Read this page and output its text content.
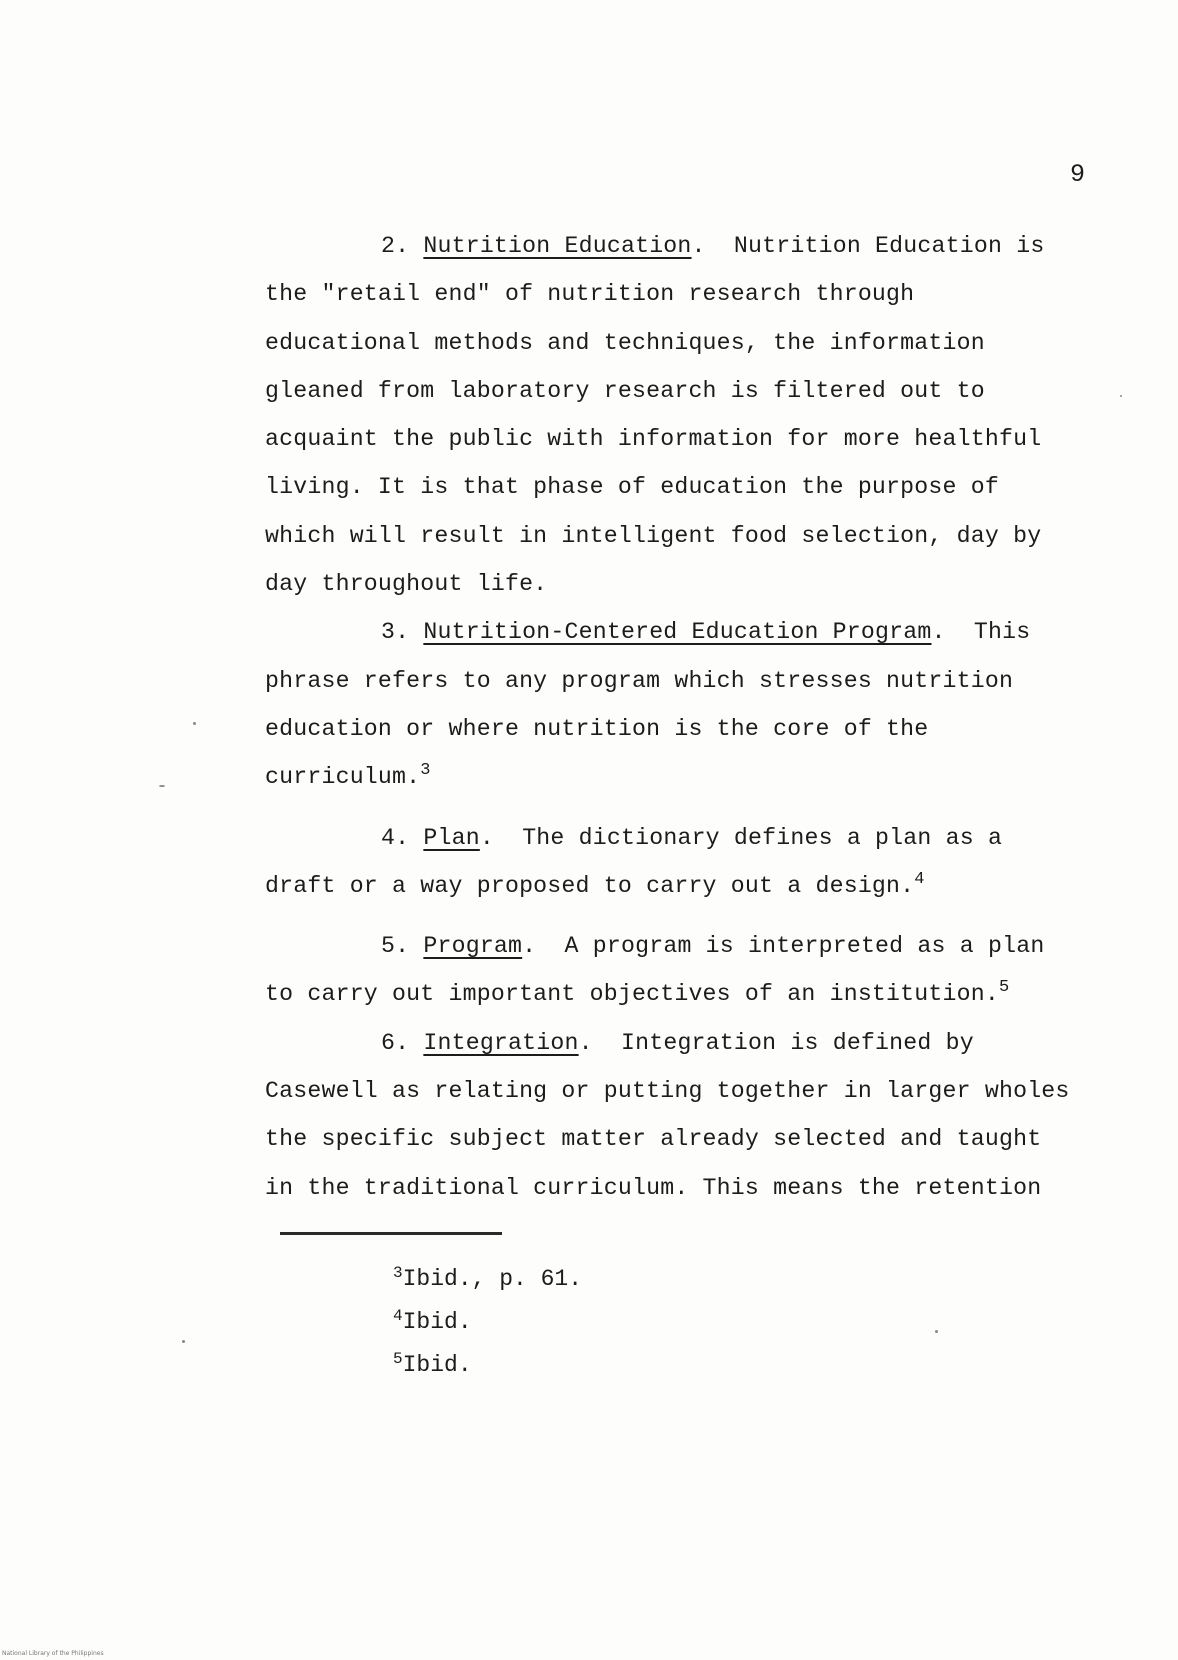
9

2. Nutrition Education. Nutrition Education is

the "retail end" of nutrition research through

educational methods and techniques, the information

gleaned from laboratory research is filtered out to

acquaint the public with information for more healthful

living. It is that phase of education the purpose of

which will result in intelligent food selection, day by

day throughout life.

3. Nutrition-Centered Education Program. This

phrase refers to any program which stresses nutrition

education or where nutrition is the core of the

curriculum.$^3$

4. Plan. The dictionary defines a plan as a

draft or a way proposed to carry out a design.$^4$

5. Program. A program is interpreted as a plan

to carry out important objectives of an institution.$^5$

6. Integration. Integration is defined by

Casewell as relating or putting together in larger wholes

the specific subject matter already selected and taught

in the traditional curriculum. This means the retention

$^3$Ibid., p. 61.
$^4$Ibid.
$^5$Ibid.
National Library of the Philippines
